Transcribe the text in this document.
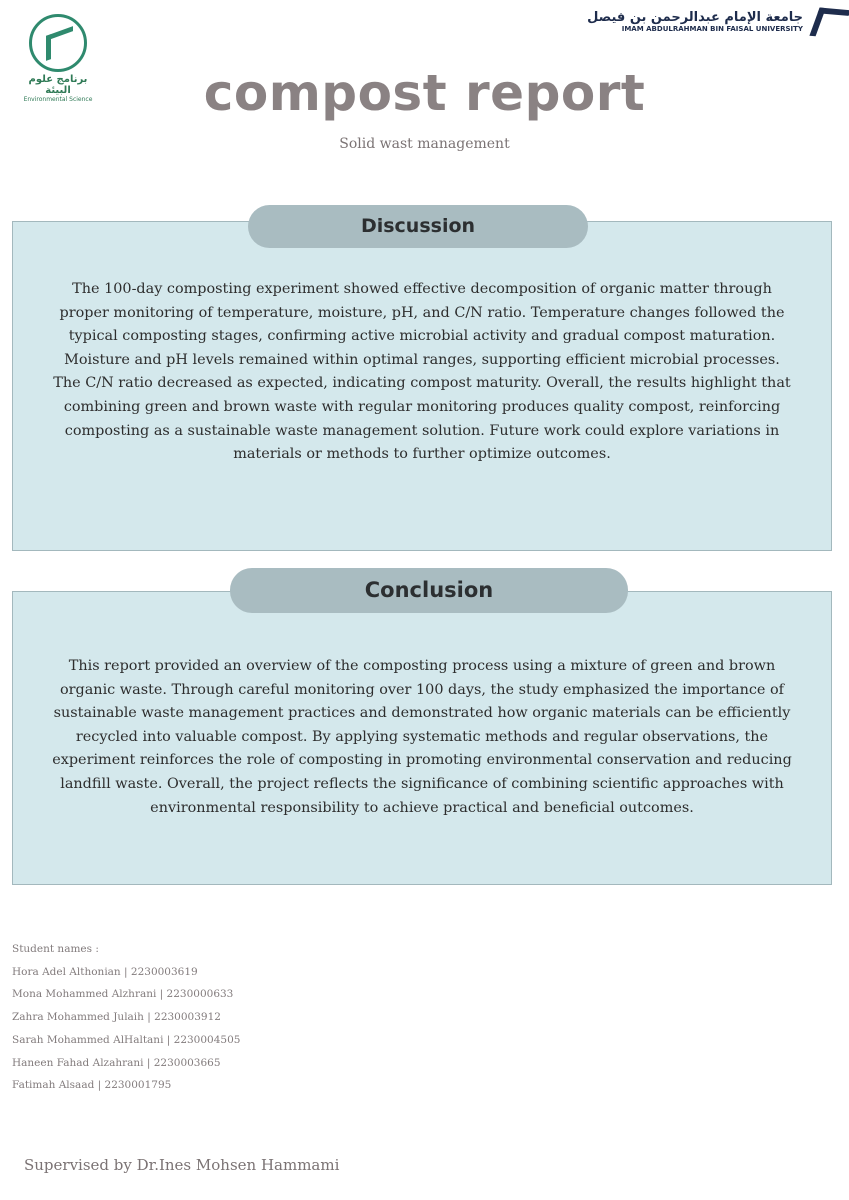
برنامج علوم البيئة
Environmental Science
جامعة الإمام عبدالرحمن بن فيصل
IMAM ABDULRAHMAN BIN FAISAL UNIVERSITY
compost report
Solid wast management
The 100-day composting experiment showed effective decomposition of organic matter through proper monitoring of temperature, moisture, pH, and C/N ratio. Temperature changes followed the typical composting stages, confirming active microbial activity and gradual compost maturation. Moisture and pH levels remained within optimal ranges, supporting efficient microbial processes. The C/N ratio decreased as expected, indicating compost maturity. Overall, the results highlight that combining green and brown waste with regular monitoring produces quality compost, reinforcing composting as a sustainable waste management solution. Future work could explore variations in materials or methods to further optimize outcomes.
Discussion
This report provided an overview of the composting process using a mixture of green and brown organic waste. Through careful monitoring over 100 days, the study emphasized the importance of sustainable waste management practices and demonstrated how organic materials can be efficiently recycled into valuable compost. By applying systematic methods and regular observations, the experiment reinforces the role of composting in promoting environmental conservation and reducing landfill waste. Overall, the project reflects the significance of combining scientific approaches with environmental responsibility to achieve practical and beneficial outcomes.
Conclusion
Student names :
Hora Adel Althonian | 2230003619
Mona Mohammed Alzhrani | 2230000633
Zahra Mohammed Julaih | 2230003912
Sarah Mohammed AlHaltani | 2230004505
Haneen Fahad Alzahrani | 2230003665
Fatimah Alsaad | 2230001795
Supervised by Dr.Ines Mohsen Hammami
